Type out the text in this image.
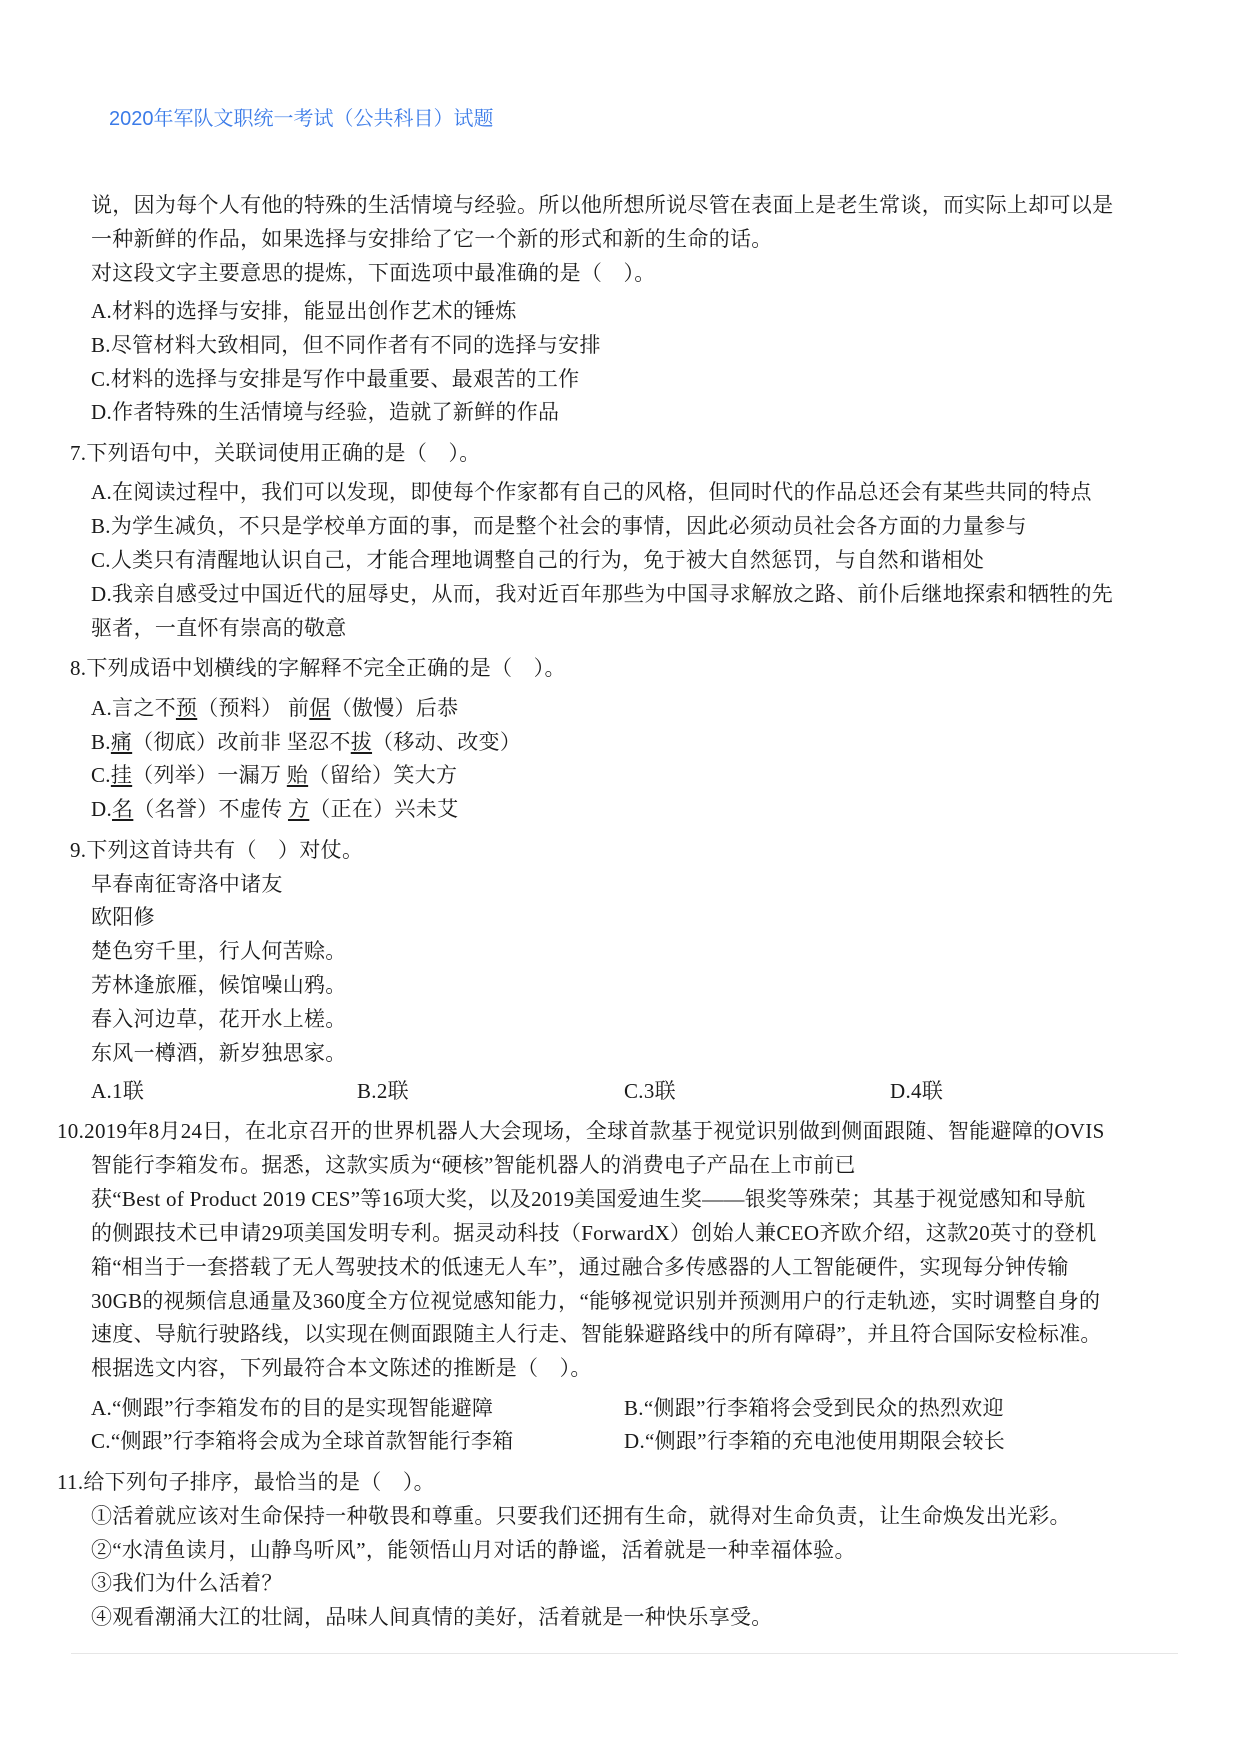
2020年军队文职统一考试（公共科目）试题
说，因为每个人有他的特殊的生活情境与经验。所以他所想所说尽管在表面上是老生常谈，而实际上却可以是
一种新鲜的作品，如果选择与安排给了它一个新的形式和新的生命的话。
对这段文字主要意思的提炼，下面选项中最准确的是（　）。
A.材料的选择与安排，能显出创作艺术的锤炼
B.尽管材料大致相同，但不同作者有不同的选择与安排
C.材料的选择与安排是写作中最重要、最艰苦的工作
D.作者特殊的生活情境与经验，造就了新鲜的作品
7.下列语句中，关联词使用正确的是（　）。
A.在阅读过程中，我们可以发现，即使每个作家都有自己的风格，但同时代的作品总还会有某些共同的特点
B.为学生减负，不只是学校单方面的事，而是整个社会的事情，因此必须动员社会各方面的力量参与
C.人类只有清醒地认识自己，才能合理地调整自己的行为，免于被大自然惩罚，与自然和谐相处
D.我亲自感受过中国近代的屈辱史，从而，我对近百年那些为中国寻求解放之路、前仆后继地探索和牺牲的先
驱者，一直怀有崇高的敬意
8.下列成语中划横线的字解释不完全正确的是（　）。
A.言之不预（预料） 前倨（傲慢）后恭
B.痛（彻底）改前非 坚忍不拔（移动、改变）
C.挂（列举）一漏万 贻（留给）笑大方
D.名（名誉）不虚传 方（正在）兴未艾
9.下列这首诗共有（　）对仗。
早春南征寄洛中诸友
欧阳修
楚色穷千里，行人何苦赊。
芳林逢旅雁，候馆噪山鸦。
春入河边草，花开水上槎。
东风一樽酒，新岁独思家。
A.1联	B.2联	C.3联	D.4联
10.2019年8月24日，在北京召开的世界机器人大会现场，全球首款基于视觉识别做到侧面跟随、智能避障的OVIS
智能行李箱发布。据悉，这款实质为“硬核”智能机器人的消费电子产品在上市前已
获“Best of Product 2019 CES”等16项大奖，以及2019美国爱迪生奖——银奖等殊荣；其基于视觉感知和导航
的侧跟技术已申请29项美国发明专利。据灵动科技（ForwardX）创始人兼CEO齐欧介绍，这款20英寸的登机
箱“相当于一套搭载了无人驾驶技术的低速无人车”，通过融合多传感器的人工智能硬件，实现每分钟传输
30GB的视频信息通量及360度全方位视觉感知能力，“能够视觉识别并预测用户的行走轨迹，实时调整自身的
速度、导航行驶路线，以实现在侧面跟随主人行走、智能躲避路线中的所有障碍”，并且符合国际安检标准。
根据选文内容，下列最符合本文陈述的推断是（　）。
A.“侧跟”行李箱发布的目的是实现智能避障	B.“侧跟”行李箱将会受到民众的热烈欢迎
C.“侧跟”行李箱将会成为全球首款智能行李箱	D.“侧跟”行李箱的充电池使用期限会较长
11.给下列句子排序，最恰当的是（　）。
①活着就应该对生命保持一种敬畏和尊重。只要我们还拥有生命，就得对生命负责，让生命焕发出光彩。
②“水清鱼读月，山静鸟听风”，能领悟山月对话的静谧，活着就是一种幸福体验。
③我们为什么活着？
④观看潮涌大江的壮阔，品味人间真情的美好，活着就是一种快乐享受。
